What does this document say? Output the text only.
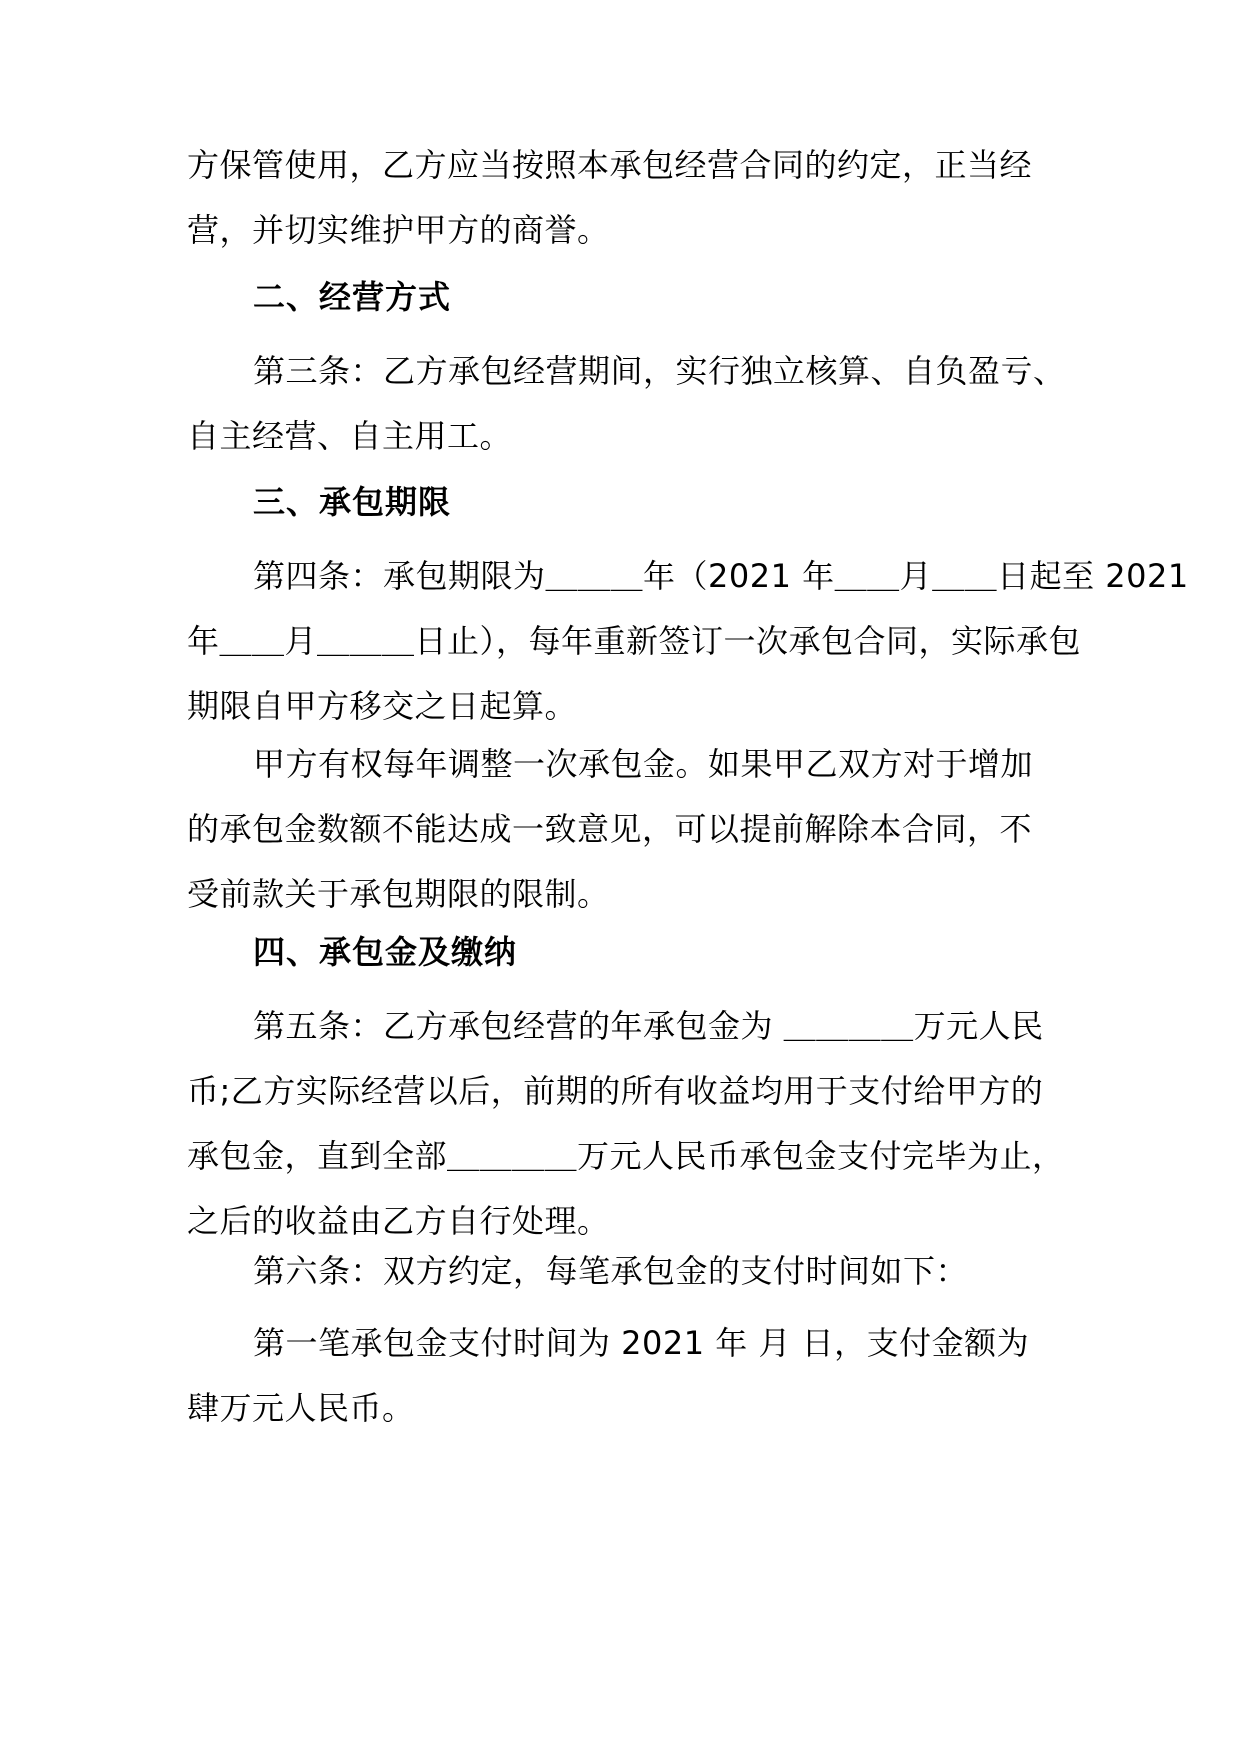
方保管使用，乙方应当按照本承包经营合同的约定，正当经
营，并切实维护甲方的商誉。
二、经营方式
第三条：乙方承包经营期间，实行独立核算、自负盈亏、
自主经营、自主用工。
三、承包期限
第四条：承包期限为＿＿＿年（2021 年＿＿月＿＿日起至 2021
年＿＿月＿＿＿日止），每年重新签订一次承包合同，实际承包
期限自甲方移交之日起算。
甲方有权每年调整一次承包金。如果甲乙双方对于增加
的承包金数额不能达成一致意见，可以提前解除本合同，不
受前款关于承包期限的限制。
四、承包金及缴纳
第五条：乙方承包经营的年承包金为 ＿＿＿＿万元人民
币;乙方实际经营以后，前期的所有收益均用于支付给甲方的
承包金，直到全部＿＿＿＿万元人民币承包金支付完毕为止，
之后的收益由乙方自行处理。
第六条：双方约定，每笔承包金的支付时间如下：
第一笔承包金支付时间为 2021 年 月 日，支付金额为
肆万元人民币。
